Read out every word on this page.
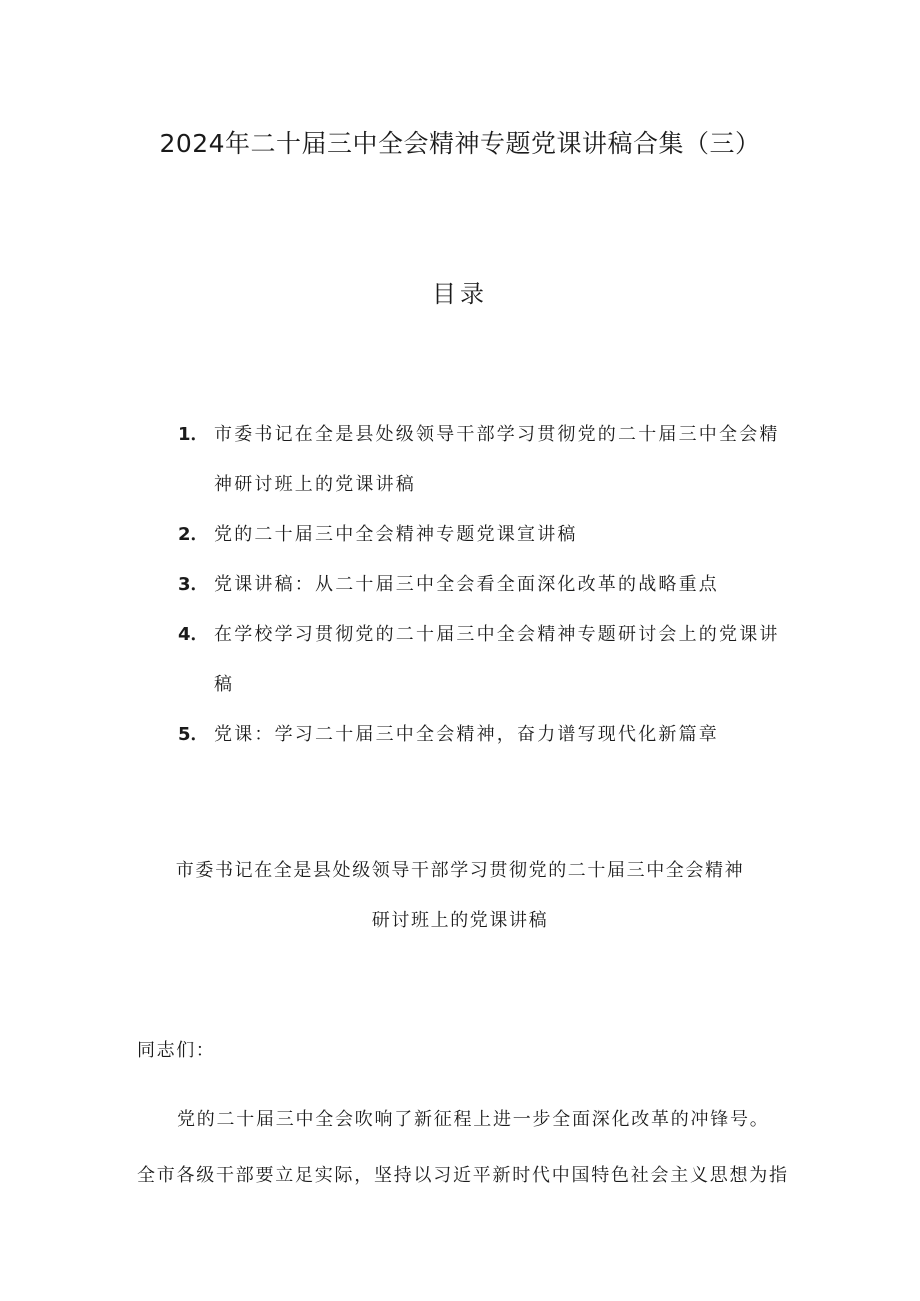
2024年二十届三中全会精神专题党课讲稿合集（三）
目录
1． 市委书记在全是县处级领导干部学习贯彻党的二十届三中全会精
神研讨班上的党课讲稿
2． 党的二十届三中全会精神专题党课宣讲稿
3． 党课讲稿：从二十届三中全会看全面深化改革的战略重点
4． 在学校学习贯彻党的二十届三中全会精神专题研讨会上的党课讲
稿
5． 党课：学习二十届三中全会精神，奋力谱写现代化新篇章
市委书记在全是县处级领导干部学习贯彻党的二十届三中全会精神
研讨班上的党课讲稿
同志们：
党的二十届三中全会吹响了新征程上进一步全面深化改革的冲锋号。
全市各级干部要立足实际，坚持以习近平新时代中国特色社会主义思想为指
